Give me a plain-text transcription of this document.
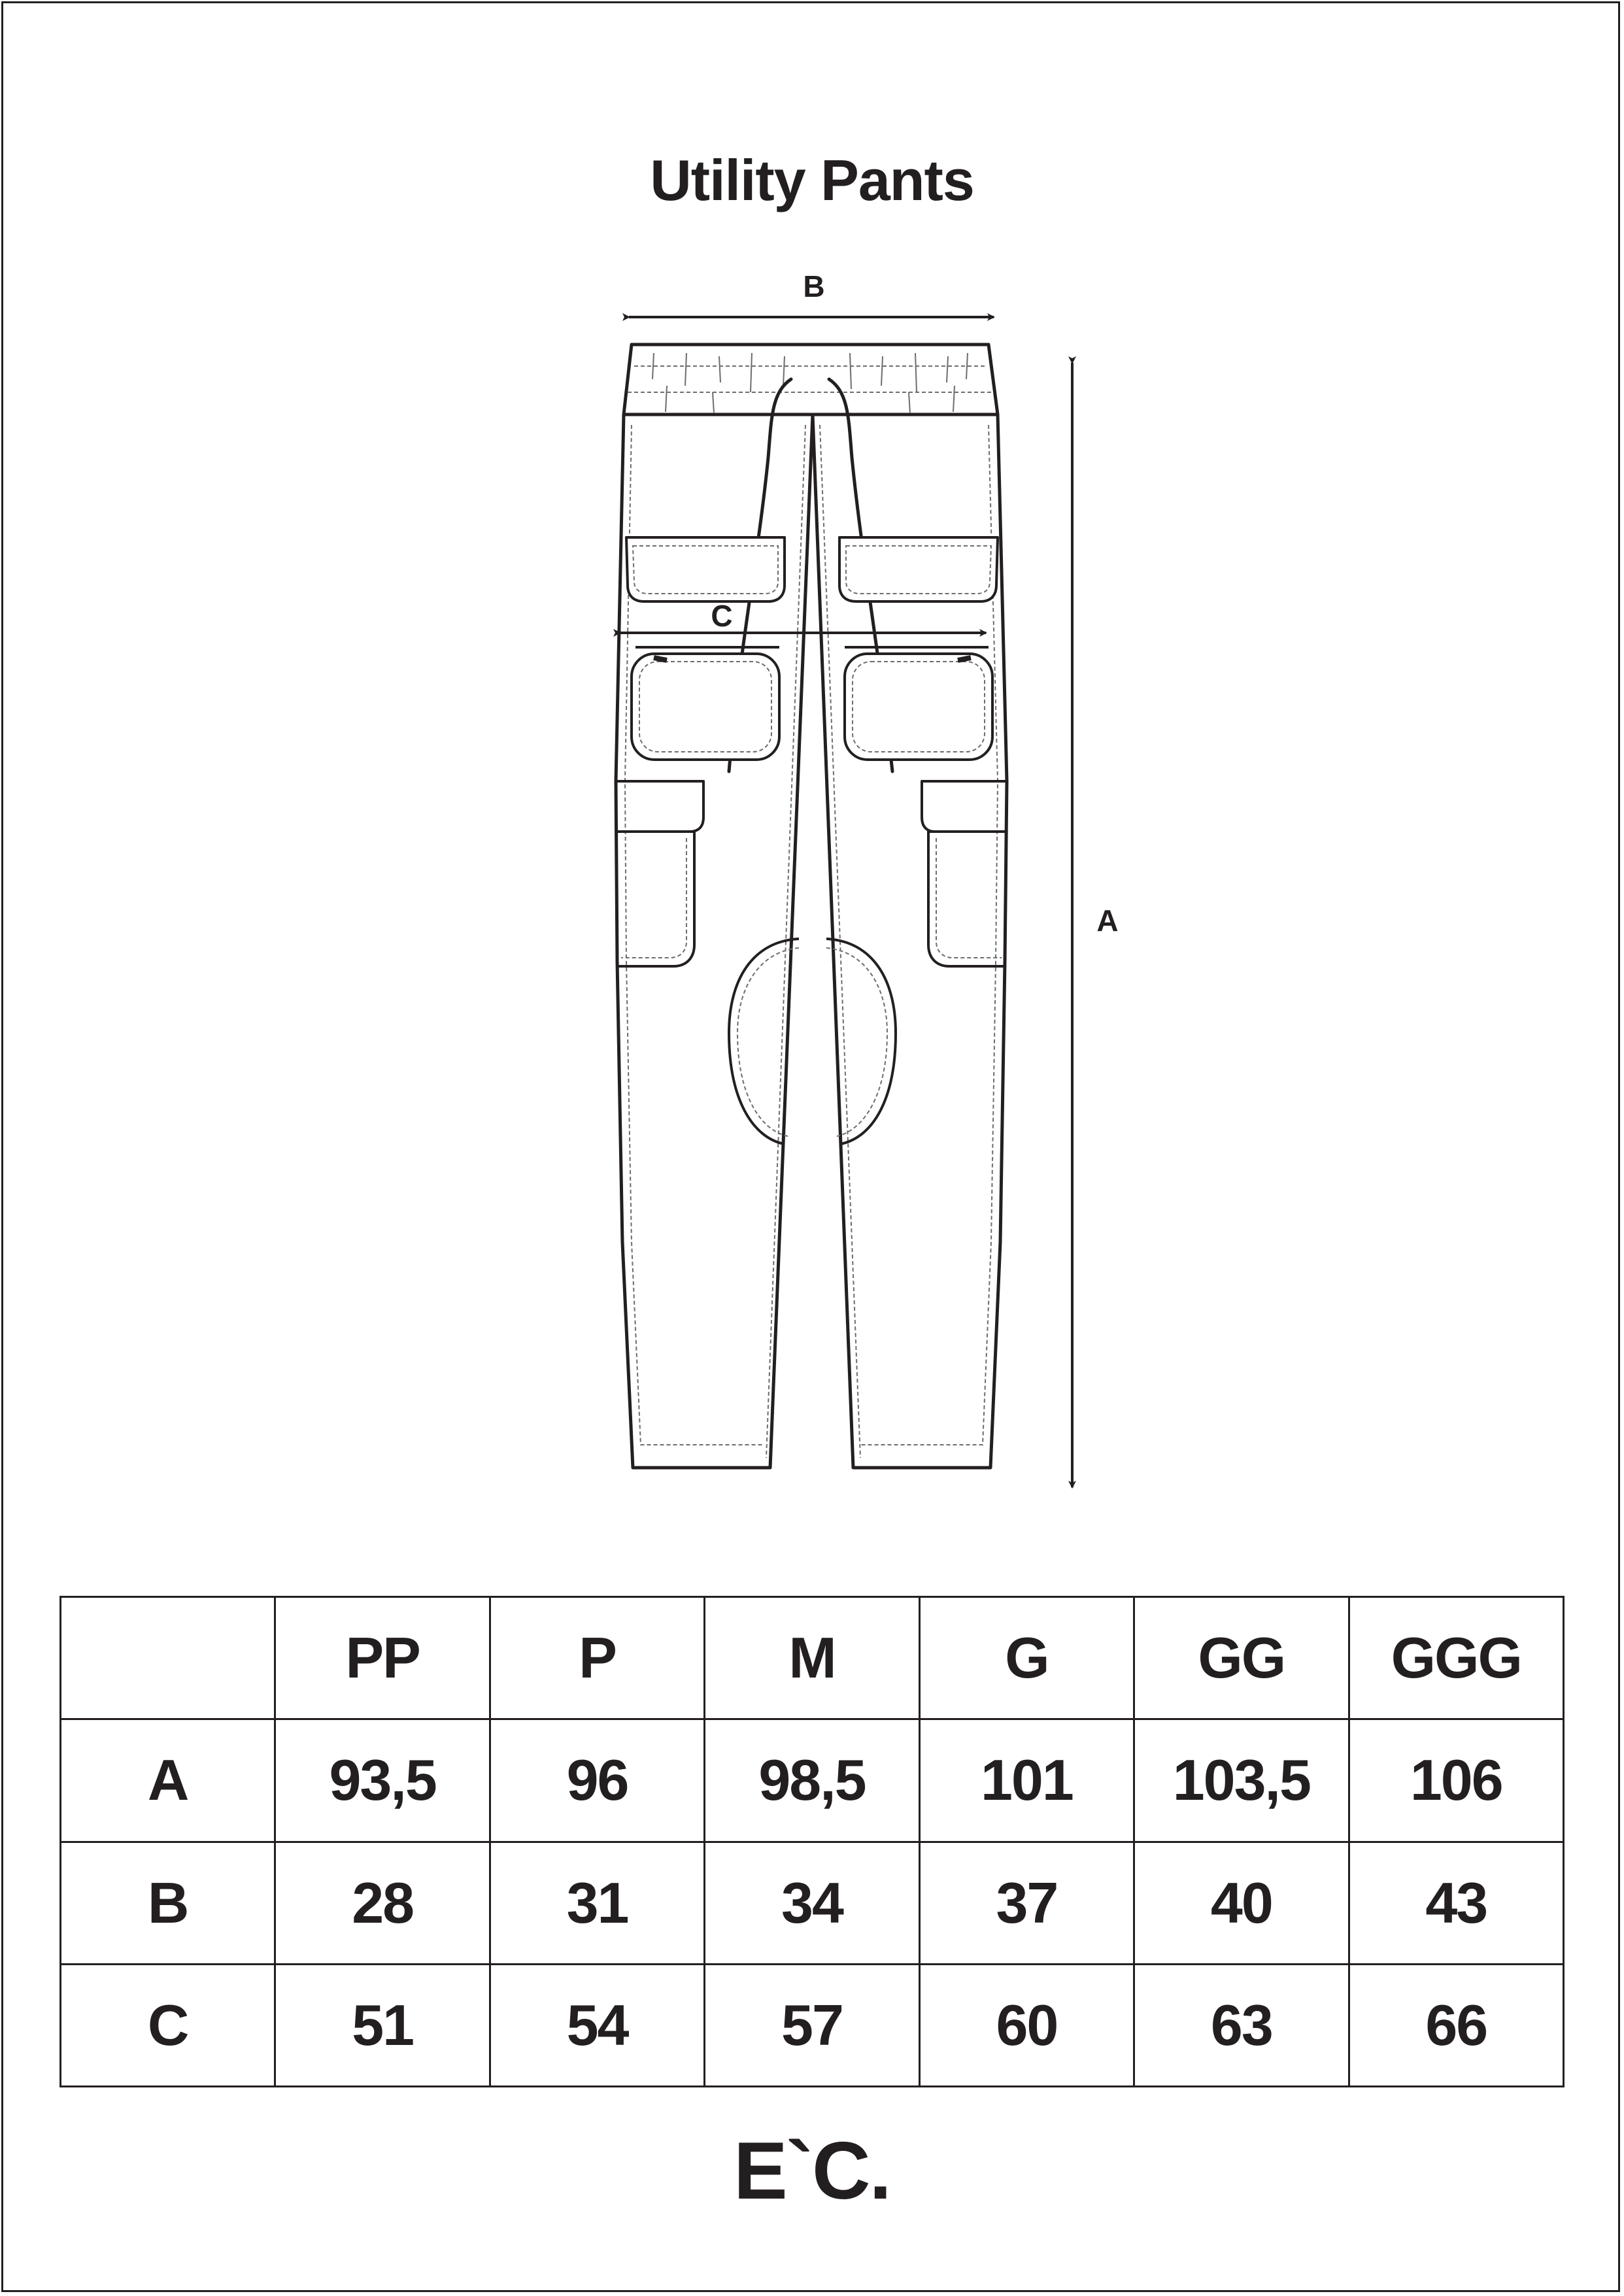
Utility Pants
B
C
A
	PP	P	M	G	GG	GGG
A	93,5	96	98,5	101	103,5	106
B	28	31	34	37	40	43
C	51	54	57	60	63	66
E`C.
